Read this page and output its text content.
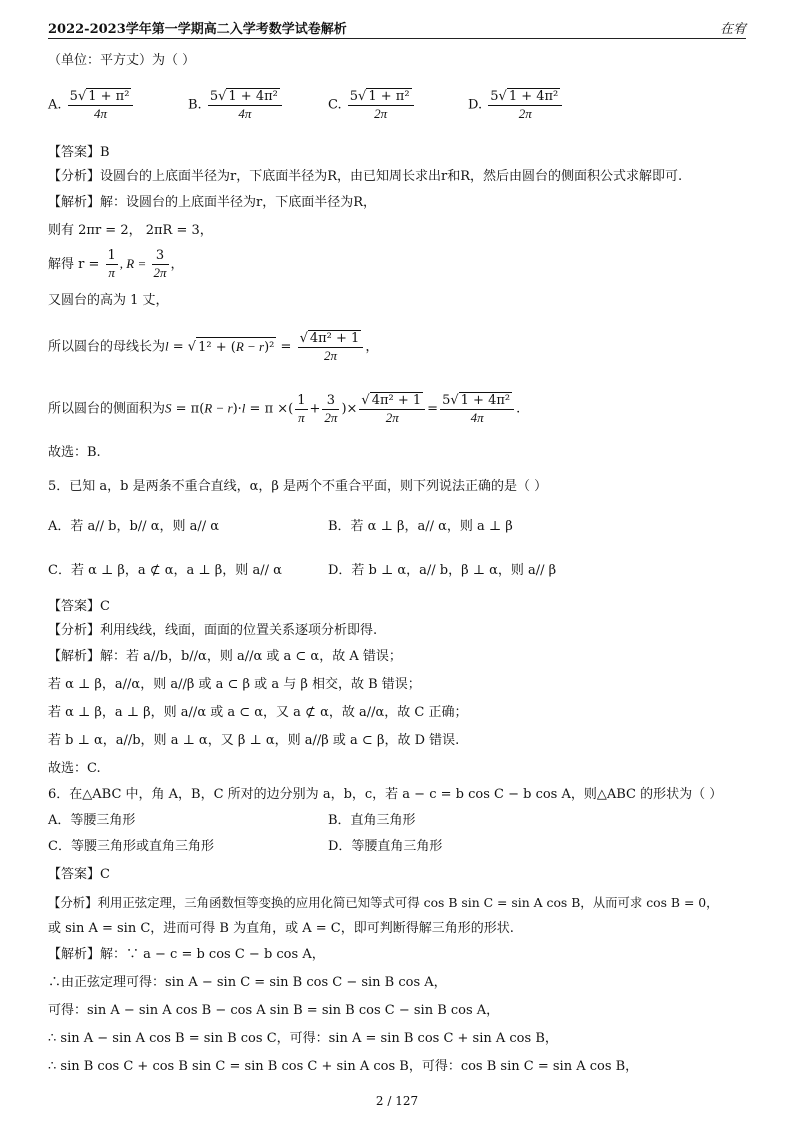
2022-2023学年第一学期高二入学考数学试卷解析	在宥
（单位：平方丈）为（ ）
A. $\frac{\text{5√ 1 + π²}}{4\pi}$	B. $\frac{\text{5√ 1 + 4π²}}{4\pi}$	C. $\frac{\text{5√ 1 + π²}}{2\pi}$	D. $\frac{\text{5√ 1 + 4π²}}{2\pi}$
【答案】B
【分析】设圆台的上底面半径为r，下底面半径为R，由已知周长求出r和R，然后由圆台的侧面积公式求解即可.
【解析】解：设圆台的上底面半径为r，下底面半径为R，
则有 2πr = 2， 2πR = 3，
解得 $r = \frac{1}{\pi}$ , $R = \frac{3}{2\pi}$ ，
又圆台的高为 1 丈，
所以圆台的母线长为l = √ $1^2 + (R - r)^2 = \frac{\text{√ 4π² + 1}}{2\pi}$ ，
所以圆台的侧面积为S = π(R − r)·l = π ×( $\frac{1}{\pi} + \frac{3}{2\pi}$ )× $\frac{\text{√ 4π² + 1}}{2\pi} = \frac{\text{5√ 1 + 4π²}}{4\pi}$ .
故选：B.
5．已知 a，b 是两条不重合直线，α，β 是两个不重合平面，则下列说法正确的是（ ）
A．若 a// b，b// α，则 a// α	B．若 α ⊥ β，a// α，则 a ⊥ β
C．若 α ⊥ β，a ⊄ α，a ⊥ β，则 a// α	D．若 b ⊥ α，a// b，β ⊥ α，则 a// β
【答案】C
【分析】利用线线，线面，面面的位置关系逐项分析即得.
【解析】解：若 a//b，b//α，则 a//α 或 a ⊂ α，故 A 错误；
若 α ⊥ β，a//α，则 a//β 或 a ⊂ β 或 a 与 β 相交，故 B 错误；
若 α ⊥ β，a ⊥ β，则 a//α 或 a ⊂ α，又 a ⊄ α，故 a//α，故 C 正确；
若 b ⊥ α，a//b，则 a ⊥ α，又 β ⊥ α，则 a//β 或 a ⊂ β，故 D 错误.
故选：C.
6．在△ABC 中，角 A，B，C 所对的边分别为 a，b，c，若 a − c = b cos C − b cos A，则△ABC 的形状为（ ）
A．等腰三角形	B．直角三角形
C．等腰三角形或直角三角形	D．等腰直角三角形
【答案】C
【分析】利用正弦定理，三角函数恒等变换的应用化简已知等式可得 cos B sin C = sin A cos B，从而可求 cos B = 0，
或 sin A = sin C，进而可得 B 为直角，或 A = C，即可判断得解三角形的形状.
【解析】解：∵ a − c = b cos C − b cos A，
∴由正弦定理可得：sin A − sin C = sin B cos C − sin B cos A，
可得：sin A − sin A cos B − cos A sin B = sin B cos C − sin B cos A，
∴ sin A − sin A cos B = sin B cos C，可得：sin A = sin B cos C + sin A cos B，
∴ sin B cos C + cos B sin C = sin B cos C + sin A cos B，可得：cos B sin C = sin A cos B，
2 / 127
